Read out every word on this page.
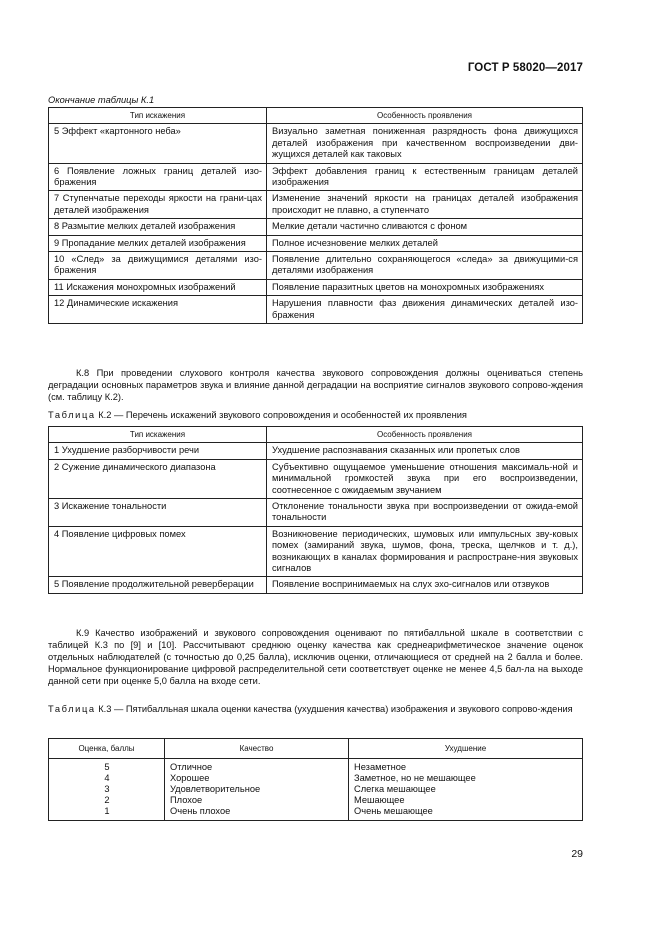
ГОСТ Р 58020—2017
Окончание таблицы К.1
Тип искажения	Особенность проявления
5 Эффект «картонного неба»	Визуально заметная пониженная разрядность фона движущихся деталей изображения при качественном воспроизведении дви-жущихся деталей как таковых
6 Появление ложных границ деталей изо-бражения	Эффект добавления границ к естественным границам деталей изображения
7 Ступенчатые переходы яркости на грани-цах деталей изображения	Изменение значений яркости на границах деталей изображения происходит не плавно, а ступенчато
8 Размытие мелких деталей изображения	Мелкие детали частично сливаются с фоном
9 Пропадание мелких деталей изображения	Полное исчезновение мелких деталей
10 «След» за движущимися деталями изо-бражения	Появление длительно сохраняющегося «следа» за движущими-ся деталями изображения
11 Искажения монохромных изображений	Появление паразитных цветов на монохромных изображениях
12 Динамические искажения	Нарушения плавности фаз движения динамических деталей изо-бражения
К.8 При проведении слухового контроля качества звукового сопровождения должны оцениваться степень деградации основных параметров звука и влияние данной деградации на восприятие сигналов звукового сопрово-ждения (см. таблицу К.2).
Таблица К.2 — Перечень искажений звукового сопровождения и особенностей их проявления
Тип искажения	Особенность проявления
1 Ухудшение разборчивости речи	Ухудшение распознавания сказанных или пропетых слов
2 Сужение динамического диапазона	Субъективно ощущаемое уменьшение отношения максималь-ной и минимальной громкостей звука при его воспроизведении, соотнесенное с ожидаемым звучанием
3 Искажение тональности	Отклонение тональности звука при воспроизведении от ожида-емой тональности
4 Появление цифровых помех	Возникновение периодических, шумовых или импульсных зву-ковых помех (замираний звука, шумов, фона, треска, щелчков и т. д.), возникающих в каналах формирования и распростране-ния звуковых сигналов
5 Появление продолжительной реверберации	Появление воспринимаемых на слух эхо-сигналов или отзвуков
К.9 Качество изображений и звукового сопровождения оценивают по пятибалльной шкале в соответствии с таблицей К.3 по [9] и [10]. Рассчитывают среднюю оценку качества как среднеарифметическое значение оценок отдельных наблюдателей (с точностью до 0,25 балла), исключив оценки, отличающиеся от средней на 2 балла и более. Нормальное функционирование цифровой распределительной сети соответствует оценке не менее 4,5 бал-ла на выходе данной сети при оценке 5,0 балла на входе сети.
Таблица К.3 — Пятибалльная шкала оценки качества (ухудшения качества) изображения и звукового сопрово-ждения
Оценка, баллы	Качество	Ухудшение
5	Отличное	Незаметное
4	Хорошее	Заметное, но не мешающее
3	Удовлетворительное	Слегка мешающее
2	Плохое	Мешающее
1	Очень плохое	Очень мешающее
29
